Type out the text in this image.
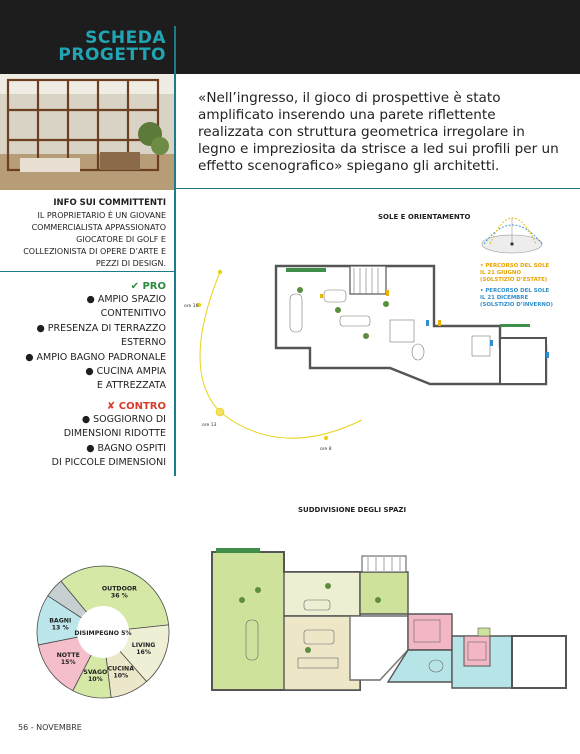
SCHEDA
PROGETTO
«Nell’ingresso, il gioco di prospettive è stato amplificato inserendo una parete riflettente realizzata con struttura geometrica irregolare in legno e impreziosita da strisce a led sui profili per un effetto scenografico» spiegano gli architetti.
INFO SUI COMMITTENTI
IL PROPRIETARIO È UN GIOVANE
COMMERCIALISTA APPASSIONATO
GIOCATORE DI GOLF E
COLLEZIONISTA DI OPERE D’ARTE E
PEZZI DI DESIGN.
✔ PRO
● AMPIO SPAZIO
CONTENITIVO
● PRESENZA DI TERRAZZO
ESTERNO
● AMPIO BAGNO PADRONALE
● CUCINA AMPIA
E ATTREZZATA
✘ CONTRO
● SOGGIORNO DI
DIMENSIONI RIDOTTE
● BAGNO OSPITI
DI PICCOLE DIMENSIONI
SOLE E ORIENTAMENTO
• PERCORSO DEL SOLE
IL 21 GIUGNO
(SOLSTIZIO D’ESTATE)
• PERCORSO DEL SOLE
IL 21 DICEMBRE
(SOLSTIZIO D’INVERNO)
ore 16
ore 13
ore 8
SUDDIVISIONE DEGLI SPAZI
DISIMPEGNO 5%
OUTDOOR
36 %
LIVING
16%
CUCINA
10%
SVAGO
10%
NOTTE
15%
BAGNI
13 %
56 - NOVEMBRE
